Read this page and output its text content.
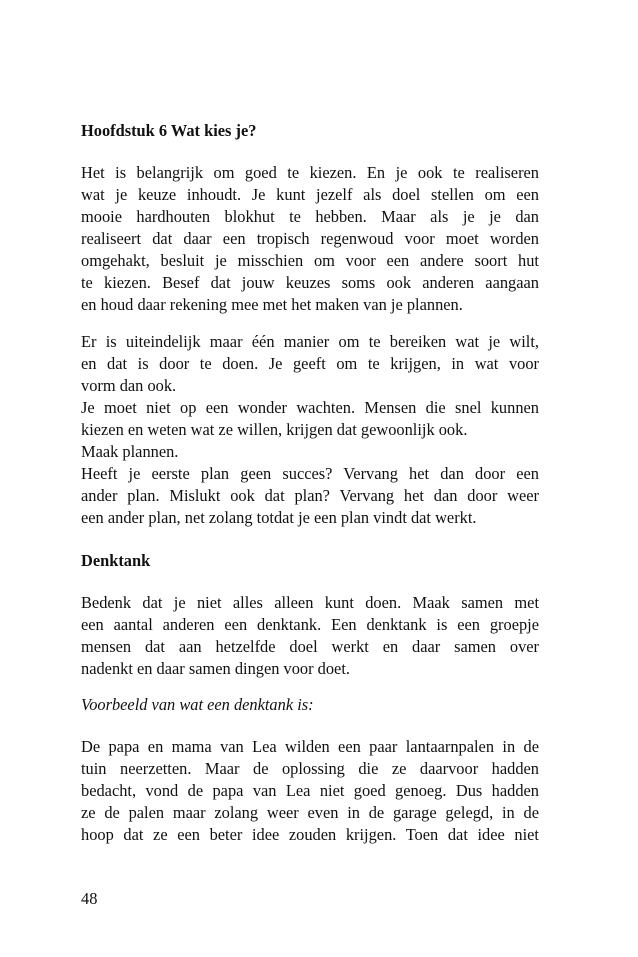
Hoofdstuk 6 Wat kies je?
Het is belangrijk om goed te kiezen. En je ook te realiseren
wat je keuze inhoudt. Je kunt jezelf als doel stellen om een
mooie hardhouten blokhut te hebben. Maar als je je dan
realiseert dat daar een tropisch regenwoud voor moet worden
omgehakt, besluit je misschien om voor een andere soort hut
te kiezen. Besef dat jouw keuzes soms ook anderen aangaan
en houd daar rekening mee met het maken van je plannen.
Er is uiteindelijk maar één manier om te bereiken wat je wilt,
en dat is door te doen. Je geeft om te krijgen, in wat voor
vorm dan ook.
Je moet niet op een wonder wachten. Mensen die snel kunnen
kiezen en weten wat ze willen, krijgen dat gewoonlijk ook.
Maak plannen.
Heeft je eerste plan geen succes? Vervang het dan door een
ander plan. Mislukt ook dat plan? Vervang het dan door weer
een ander plan, net zolang totdat je een plan vindt dat werkt.
Denktank
Bedenk dat je niet alles alleen kunt doen. Maak samen met
een aantal anderen een denktank. Een denktank is een groepje
mensen dat aan hetzelfde doel werkt en daar samen over
nadenkt en daar samen dingen voor doet.
Voorbeeld van wat een denktank is:
De papa en mama van Lea wilden een paar lantaarnpalen in de
tuin neerzetten. Maar de oplossing die ze daarvoor hadden
bedacht, vond de papa van Lea niet goed genoeg. Dus hadden
ze de palen maar zolang weer even in de garage gelegd, in de
hoop dat ze een beter idee zouden krijgen. Toen dat idee niet
48
